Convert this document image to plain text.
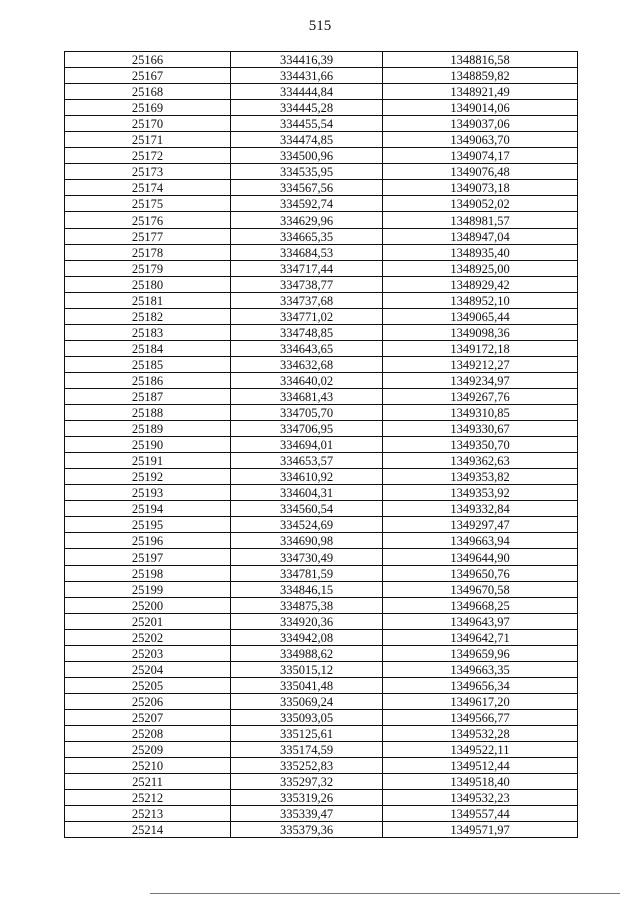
515
25166	334416,39	1348816,58
25167	334431,66	1348859,82
25168	334444,84	1348921,49
25169	334445,28	1349014,06
25170	334455,54	1349037,06
25171	334474,85	1349063,70
25172	334500,96	1349074,17
25173	334535,95	1349076,48
25174	334567,56	1349073,18
25175	334592,74	1349052,02
25176	334629,96	1348981,57
25177	334665,35	1348947,04
25178	334684,53	1348935,40
25179	334717,44	1348925,00
25180	334738,77	1348929,42
25181	334737,68	1348952,10
25182	334771,02	1349065,44
25183	334748,85	1349098,36
25184	334643,65	1349172,18
25185	334632,68	1349212,27
25186	334640,02	1349234,97
25187	334681,43	1349267,76
25188	334705,70	1349310,85
25189	334706,95	1349330,67
25190	334694,01	1349350,70
25191	334653,57	1349362,63
25192	334610,92	1349353,82
25193	334604,31	1349353,92
25194	334560,54	1349332,84
25195	334524,69	1349297,47
25196	334690,98	1349663,94
25197	334730,49	1349644,90
25198	334781,59	1349650,76
25199	334846,15	1349670,58
25200	334875,38	1349668,25
25201	334920,36	1349643,97
25202	334942,08	1349642,71
25203	334988,62	1349659,96
25204	335015,12	1349663,35
25205	335041,48	1349656,34
25206	335069,24	1349617,20
25207	335093,05	1349566,77
25208	335125,61	1349532,28
25209	335174,59	1349522,11
25210	335252,83	1349512,44
25211	335297,32	1349518,40
25212	335319,26	1349532,23
25213	335339,47	1349557,44
25214	335379,36	1349571,97
